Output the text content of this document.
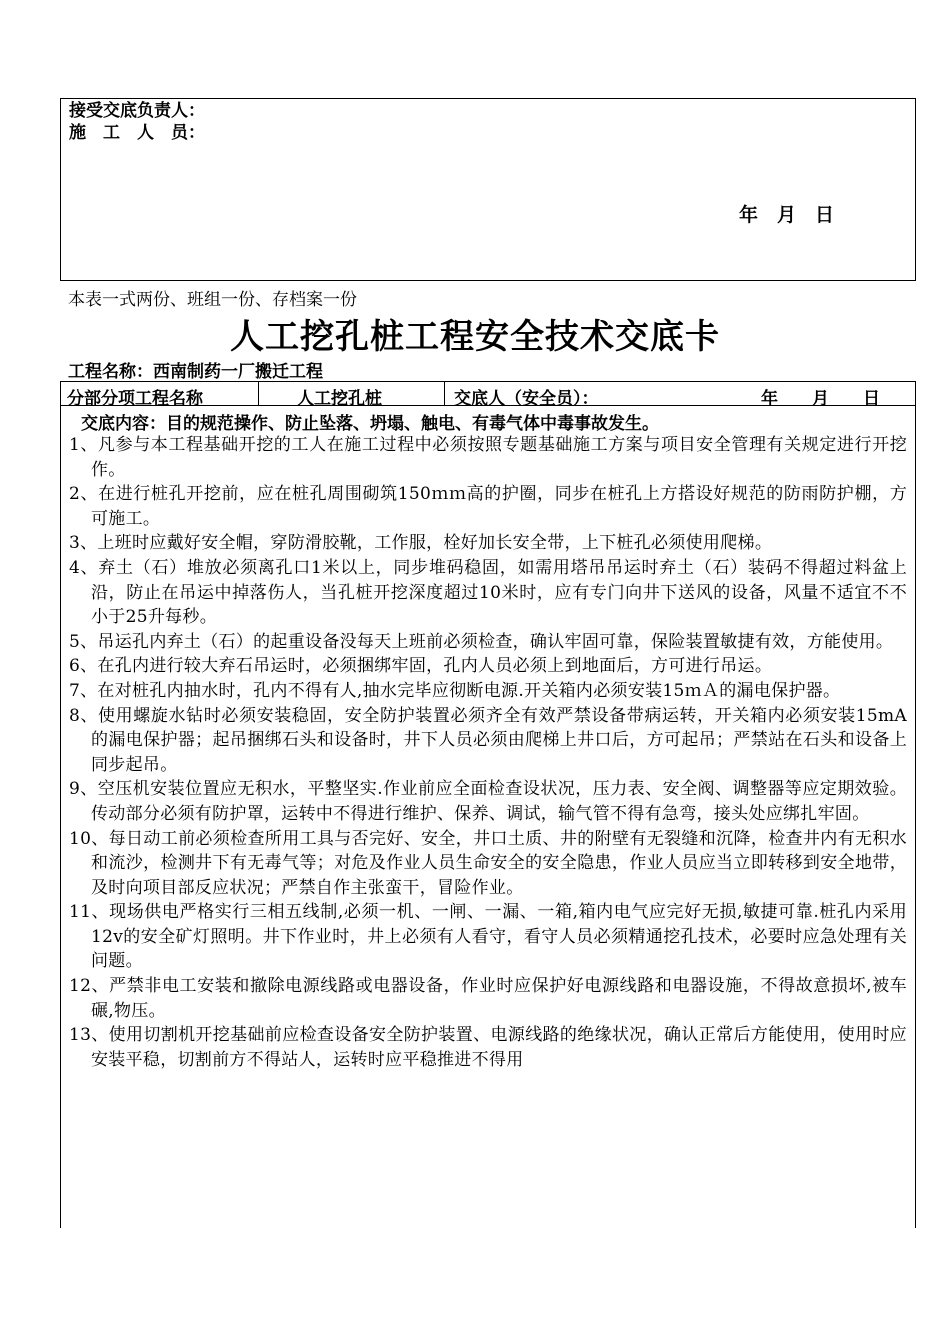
接受交底负责人：
施　工　人　员：
年　月　日
本表一式两份、班组一份、存档案一份
人工挖孔桩工程安全技术交底卡
工程名称：西南制药一厂搬迁工程
分部分项工程名称	人工挖孔桩	交底人（安全员）：	年　　月　　日
交底内容：目的规范操作、防止坠落、坍塌、触电、有毒气体中毒事故发生。
1、凡参与本工程基础开挖的工人在施工过程中必须按照专题基础施工方案与项目安全管理有关规定进行开挖作。
2、在进行桩孔开挖前，应在桩孔周围砌筑150ｍｍ高的护圈，同步在桩孔上方搭设好规范的防雨防护棚，方可施工。
3、上班时应戴好安全帽，穿防滑胶靴，工作服，栓好加长安全带，上下桩孔必须使用爬梯。
4、弃土（石）堆放必须离孔口1米以上，同步堆码稳固，如需用塔吊吊运时弃土（石）装码不得超过料盆上沿，防止在吊运中掉落伤人，当孔桩开挖深度超过10米时，应有专门向井下送风的设备，风量不适宜不不小于25升每秒。
5、吊运孔内弃土（石）的起重设备没每天上班前必须检查，确认牢固可靠，保险装置敏捷有效，方能使用。
6、在孔内进行较大弃石吊运时，必须捆绑牢固，孔内人员必须上到地面后，方可进行吊运。
7、在对桩孔内抽水时，孔内不得有人,抽水完毕应彻断电源.开关箱内必须安装15ｍＡ的漏电保护器。
8、使用螺旋水钻时必须安装稳固，安全防护装置必须齐全有效严禁设备带病运转，开关箱内必须安装15mA的漏电保护器；起吊捆绑石头和设备时，井下人员必须由爬梯上井口后，方可起吊；严禁站在石头和设备上同步起吊。
9、空压机安装位置应无积水，平整坚实.作业前应全面检查设状况，压力表、安全阀、调整器等应定期效验。传动部分必须有防护罩，运转中不得进行维护、保养、调试，输气管不得有急弯，接头处应绑扎牢固。
10、每日动工前必须检查所用工具与否完好、安全，井口土质、井的附壁有无裂缝和沉降，检查井内有无积水和流沙，检测井下有无毒气等；对危及作业人员生命安全的安全隐患，作业人员应当立即转移到安全地带，及时向项目部反应状况；严禁自作主张蛮干，冒险作业。
11、现场供电严格实行三相五线制,必须一机、一闸、一漏、一箱,箱内电气应完好无损,敏捷可靠.桩孔内采用12v的安全矿灯照明。井下作业时，井上必须有人看守，看守人员必须精通挖孔技术，必要时应急处理有关问题。
12、严禁非电工安装和撤除电源线路或电器设备，作业时应保护好电源线路和电器设施，不得故意损坏,被车碾,物压。
13、使用切割机开挖基础前应检查设备安全防护装置、电源线路的绝缘状况，确认正常后方能使用，使用时应安装平稳，切割前方不得站人，运转时应平稳推进不得用
